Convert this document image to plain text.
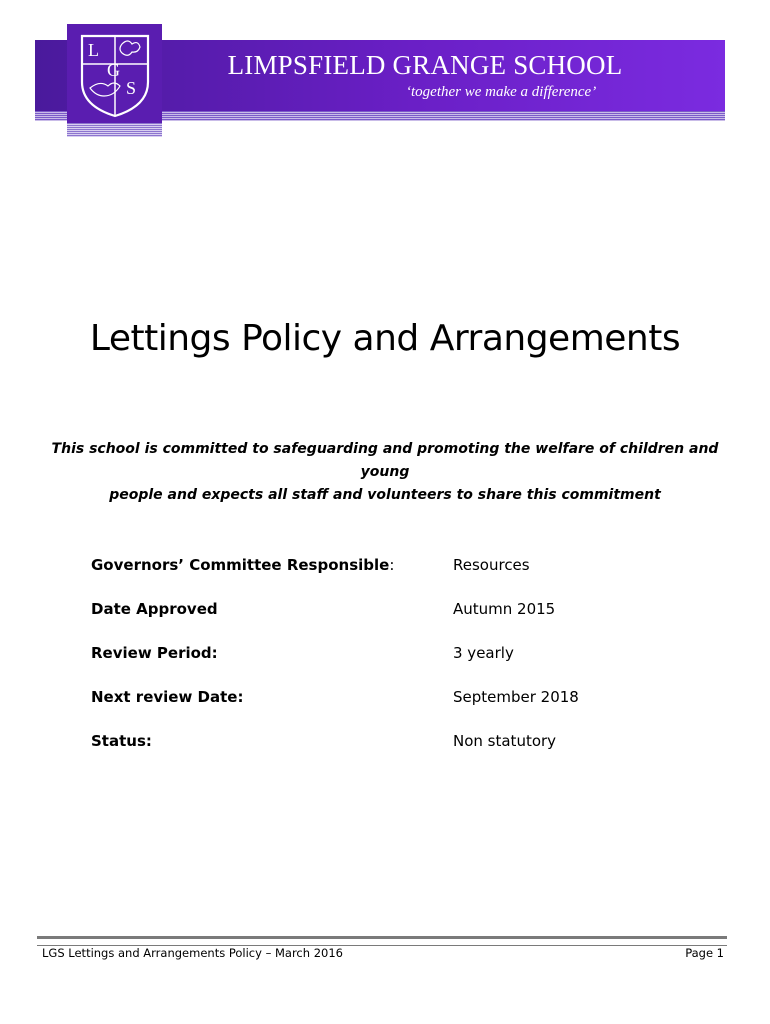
L
G
S
LIMPSFIELD GRANGE SCHOOL
‘together we make a difference’
Lettings Policy and Arrangements
This school is committed to safeguarding and promoting the welfare of children and young
people and expects all staff and volunteers to share this commitment
Governors’ Committee Responsible:	Resources
Date Approved	Autumn 2015
Review Period:	3 yearly
Next review Date:	September 2018
Status:	Non statutory
LGS Lettings and Arrangements Policy – March 2016	Page 1
